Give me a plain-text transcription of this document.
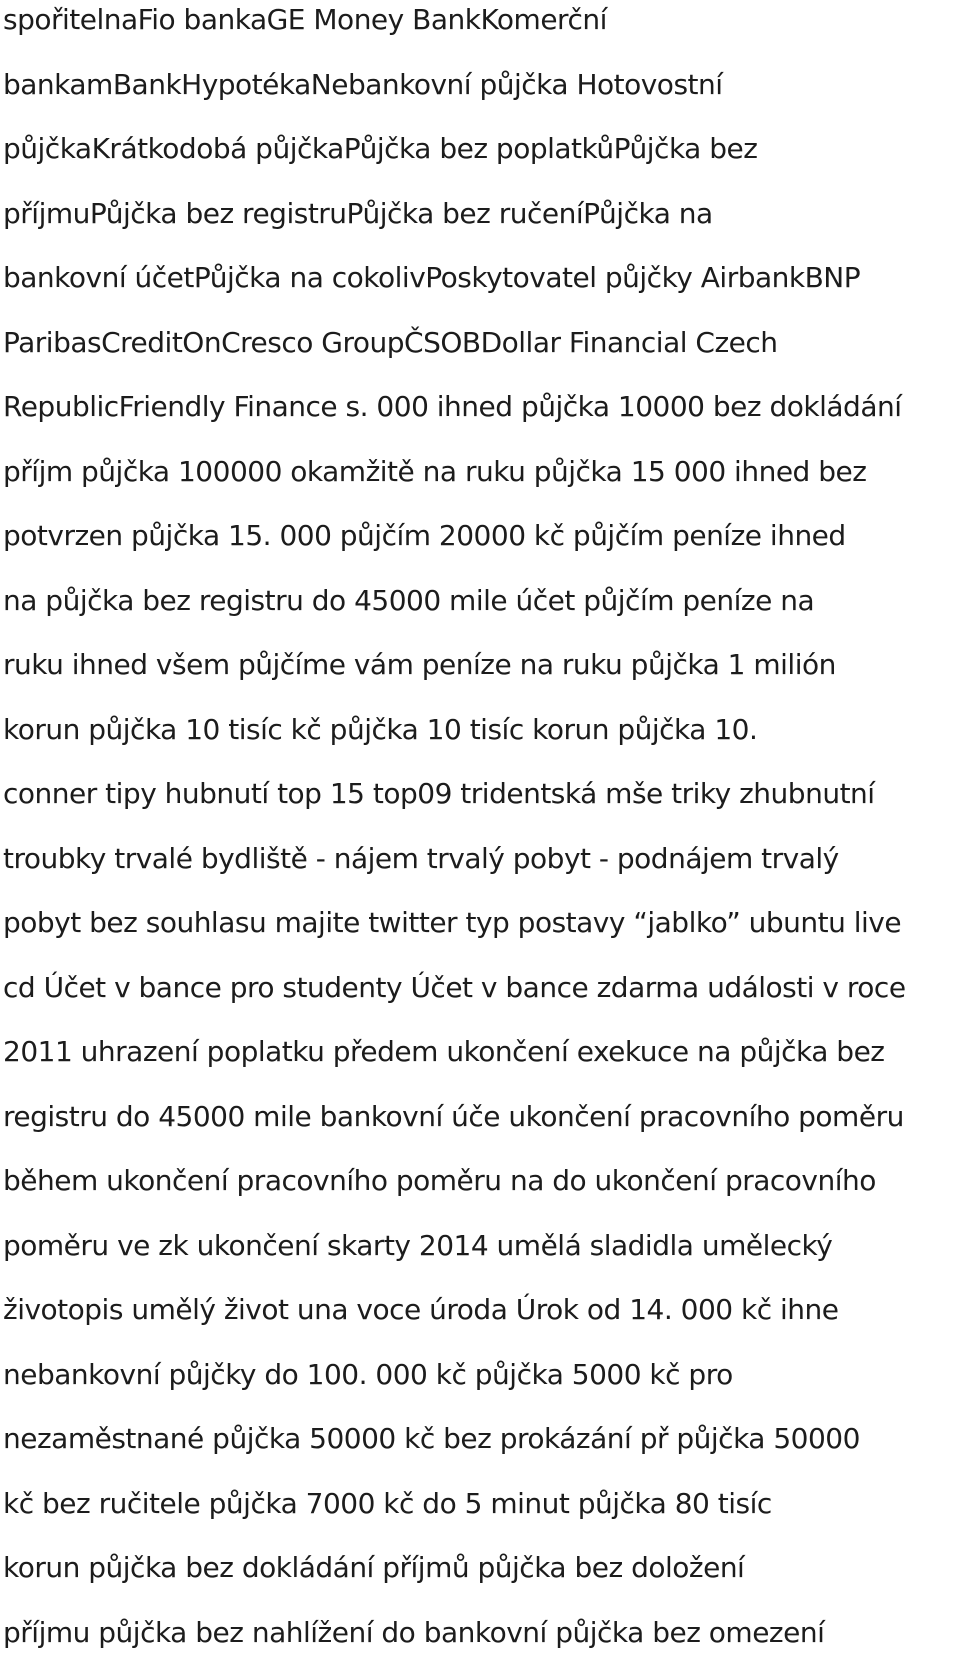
spořitelnaFio bankaGE Money BankKomerční
bankamBankHypotékaNebankovní půjčka Hotovostní
půjčkaKrátkodobá půjčkaPůjčka bez poplatkůPůjčka bez
příjmuPůjčka bez registruPůjčka bez ručeníPůjčka na
bankovní účetPůjčka na cokolivPoskytovatel půjčky AirbankBNP
ParibasCreditOnCresco GroupČSOBDollar Financial Czech
RepublicFriendly Finance s. 000 ihned půjčka 10000 bez dokládání
příjm půjčka 100000 okamžitě na ruku půjčka 15 000 ihned bez
potvrzen půjčka 15. 000 půjčím 20000 kč půjčím peníze ihned
na půjčka bez registru do 45000 mile účet půjčím peníze na
ruku ihned všem půjčíme vám peníze na ruku půjčka 1 milión
korun půjčka 10 tisíc kč půjčka 10 tisíc korun půjčka 10.
conner tipy hubnutí top 15 top09 tridentská mše triky zhubnutní
troubky trvalé bydliště - nájem trvalý pobyt - podnájem trvalý
pobyt bez souhlasu majite twitter typ postavy “jablko” ubuntu live
cd Účet v bance pro studenty Účet v bance zdarma události v roce
2011 uhrazení poplatku předem ukončení exekuce na půjčka bez
registru do 45000 mile bankovní úče ukončení pracovního poměru
během ukončení pracovního poměru na do ukončení pracovního
poměru ve zk ukončení skarty 2014 umělá sladidla umělecký
životopis umělý život una voce úroda Úrok od 14. 000 kč ihne
nebankovní půjčky do 100. 000 kč půjčka 5000 kč pro
nezaměstnané půjčka 50000 kč bez prokázání př půjčka 50000
kč bez ručitele půjčka 7000 kč do 5 minut půjčka 80 tisíc
korun půjčka bez dokládání příjmů půjčka bez doložení
příjmu půjčka bez nahlížení do bankovní půjčka bez omezení
